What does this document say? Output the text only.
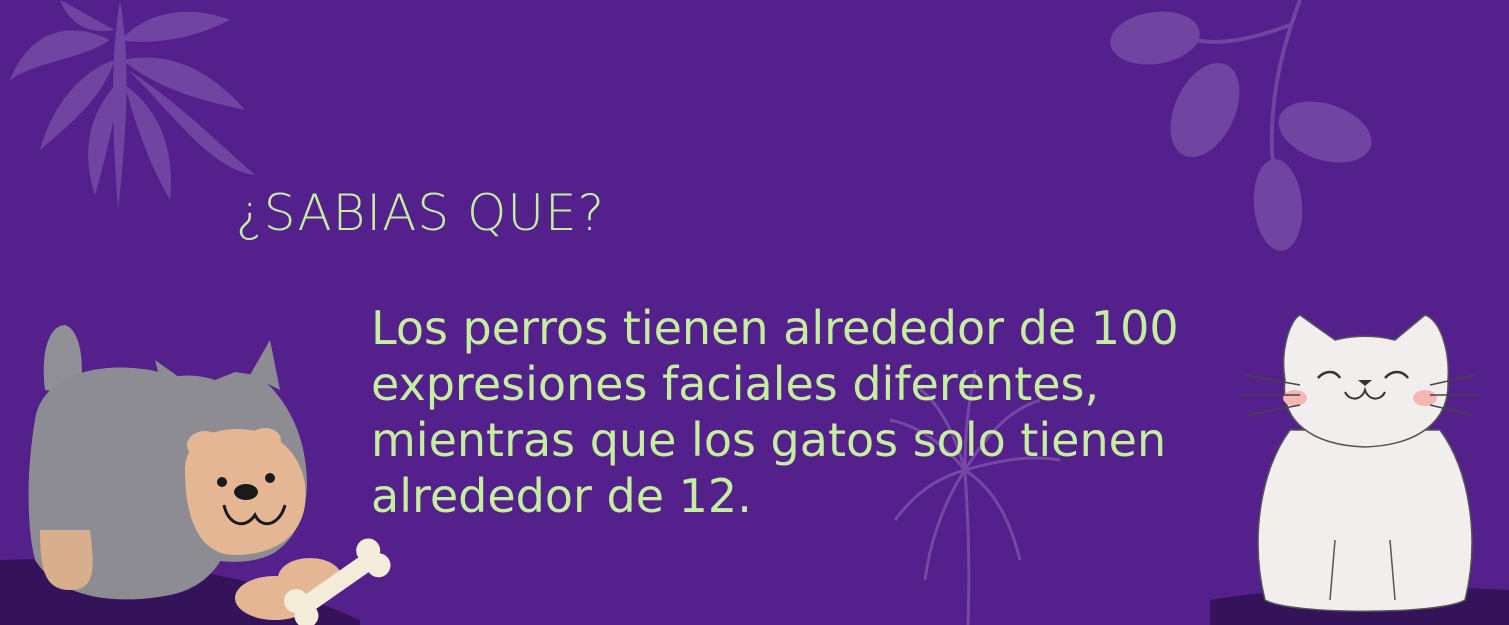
¿SABIAS QUE?

Los perros tienen alrededor de 100
expresiones faciales diferentes,
mientras que los gatos solo tienen
alrededor de 12.
